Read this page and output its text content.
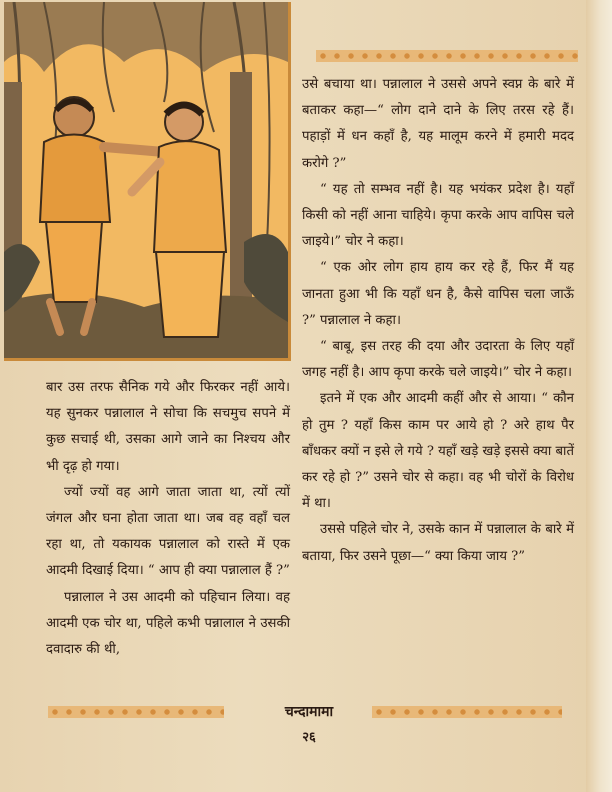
उसे बचाया था। पन्नालाल ने उससे अपने स्वप्न के बारे में बताकर कहा—“ लोग दाने दाने के लिए तरस रहे हैं। पहाड़ों में धन कहाँ है, यह मालूम करने में हमारी मदद करोगे ?”

“ यह तो सम्भव नहीं है। यह भयंकर प्रदेश है। यहाँ किसी को नहीं आना चाहिये। कृपा करके आप वापिस चले जाइये।” चोर ने कहा।

“ एक ओर लोग हाय हाय कर रहे हैं, फिर मैं यह जानता हुआ भी कि यहाँ धन है, कैसे वापिस चला जाऊँ ?” पन्नालाल ने कहा।

“ बाबू, इस तरह की दया और उदारता के लिए यहाँ जगह नहीं है। आप कृपा करके चले जाइये।” चोर ने कहा।

इतने में एक और आदमी कहीं और से आया। “ कौन हो तुम ? यहाँ किस काम पर आये हो ? अरे हाथ पैर बाँधकर क्यों न इसे ले गये ? यहाँ खड़े खड़े इससे क्या बातें कर रहे हो ?” उसने चोर से कहा। वह भी चोरों के विरोध में था।

उससे पहिले चोर ने, उसके कान में पन्नालाल के बारे में बताया, फिर उसने पूछा—“ क्या किया जाय ?”

बार उस तरफ सैनिक गये और फिरकर नहीं आये। यह सुनकर पन्नालाल ने सोचा कि सचमुच सपने में कुछ सचाई थी, उसका आगे जाने का निश्चय और भी दृढ़ हो गया।

ज्यों ज्यों वह आगे जाता जाता था, त्यों त्यों जंगल और घना होता जाता था। जब वह वहाँ चल रहा था, तो यकायक पन्नालाल को रास्ते में एक आदमी दिखाई दिया। “ आप ही क्या पन्नालाल हैं ?”

पन्नालाल ने उस आदमी को पहिचान लिया। वह आदमी एक चोर था, पहिले कभी पन्नालाल ने उसकी दवादारु की थी,

चन्दामामा
२६
